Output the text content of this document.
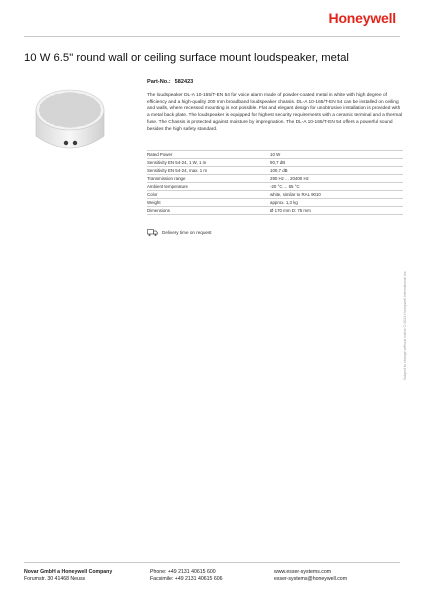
Honeywell
10 W 6.5" round wall or ceiling surface mount loudspeaker, metal
Part-No.: 582423
The loudspeaker DL-A 10-165/T-EN 54 for voice alarm made of powder-coated metal in white with high degree of efficiency and a high-quality 200 mm broadband loudspeaker chassis. DL-A 10-165/T-EN 54 can be installed on ceiling and walls, where recessed mounting is not possible. Flat and elegant design for unobtrusive installation is provided with a metal back plate. The loudspeaker is equipped for highest security requirements with a ceramic terminal and a thermal fuse. The Chassis is protected against moisture by impregnation. The DL-A 10-165/T-EN 54 offers a powerful sound besides the high safety standard.
Rated Power	10 W
Sensitivity EN 54-24, 1 W, 1 m	90,7 dB
Sensitivity EN 54-24, max. 1 m	100,7 dB
Transmission range	290 Hz ... 20400 Hz
Ambient temperature	-20 °C ... 55 °C
Color	white, similar to RAL 9010
Weight	approx. 1,3 kg
Dimensions	Ø 170 mm D: 75 mm
Delivery time on request
Subject to change without notice © 2021 Honeywell International Inc.
Novar GmbH a Honeywell Company
Forumstr. 30 41468 Neuss
Phone: +49 2131 40615 600
Facsimile: +49 2131 40615 606
www.esser-systems.com
esser-systems@honeywell.com
